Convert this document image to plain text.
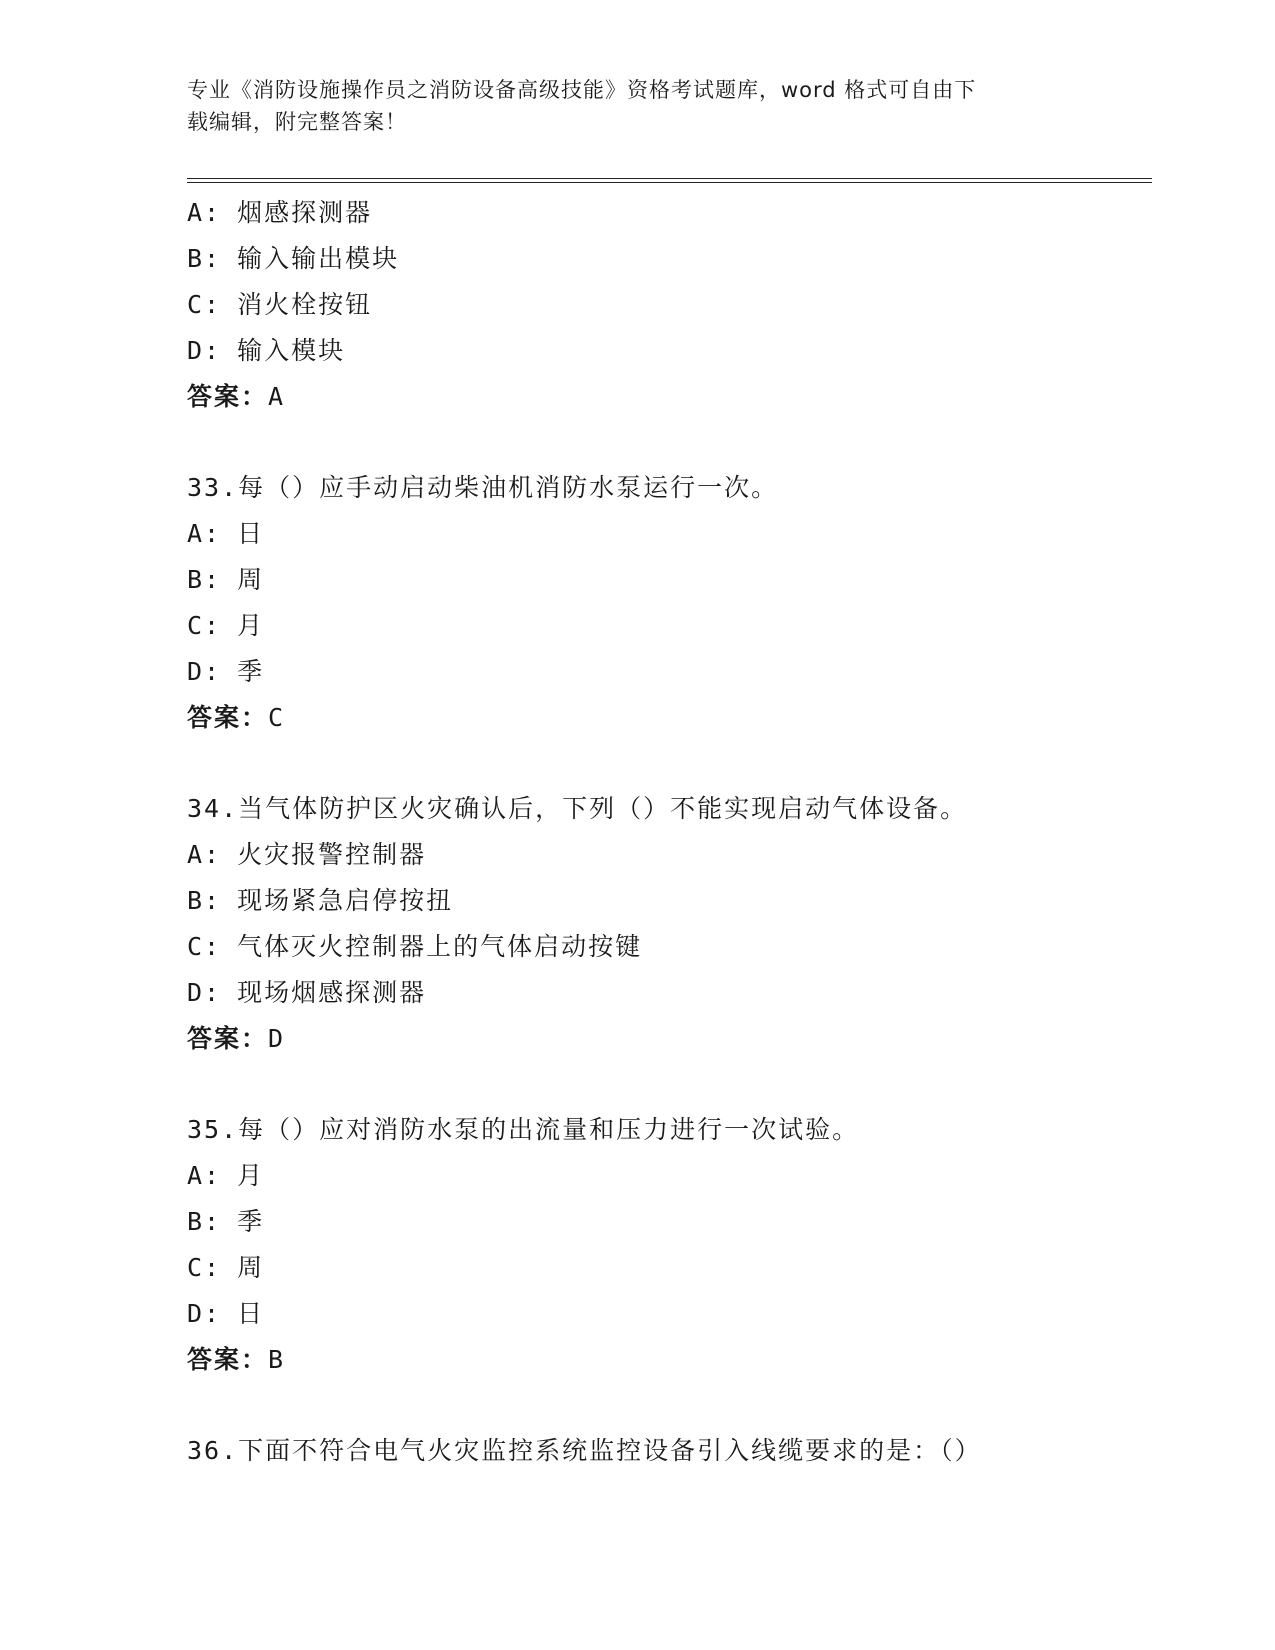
专业《消防设施操作员之消防设备高级技能》资格考试题库，word 格式可自由下
载编辑，附完整答案！
A: 烟感探测器
B: 输入输出模块
C: 消火栓按钮
D: 输入模块
答案：A
33.每（）应手动启动柴油机消防水泵运行一次。
A: 日
B: 周
C: 月
D: 季
答案：C
34.当气体防护区火灾确认后，下列（）不能实现启动气体设备。
A: 火灾报警控制器
B: 现场紧急启停按扭
C: 气体灭火控制器上的气体启动按键
D: 现场烟感探测器
答案：D
35.每（）应对消防水泵的出流量和压力进行一次试验。
A: 月
B: 季
C: 周
D: 日
答案：B
36.下面不符合电气火灾监控系统监控设备引入线缆要求的是：（）
